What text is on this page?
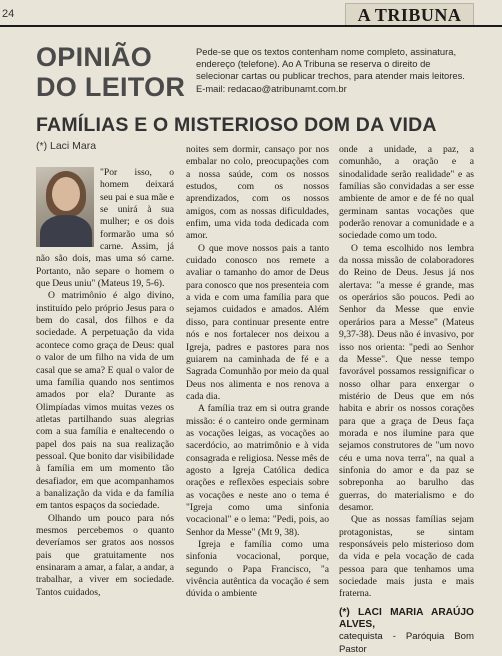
24	A TRIBUNA
OPINIÃO DO LEITOR
Pede-se que os textos contenham nome completo, assinatura, endereço (telefone). Ao A Tribuna se reserva o direito de selecionar cartas ou publicar trechos, para atender mais leitores. E-mail: redacao@atribunamt.com.br
FAMÍLIAS E O MISTERIOSO DOM DA VIDA
(*) Laci Mara

"Por isso, o homem deixará seu pai e sua mãe e se unirá à sua mulher; e os dois formarão uma só carne. Assim, já não são dois, mas uma só carne. Portanto, não separe o homem o que Deus uniu" (Mateus 19, 5-6).

O matrimônio é algo divino, instituído pelo próprio Jesus para o bem do casal, dos filhos e da sociedade. A perpetuação da vida acontece como graça de Deus: qual o valor de um filho na vida de um casal que se ama? E qual o valor de uma família quando nos sentimos amados por ela? Durante as Olimpíadas vimos muitas vezes os atletas partilhando suas alegrias com a sua família e enaltecendo o papel dos pais na sua realização pessoal. Que bonito dar visibilidade à família em um momento tão desafiador, em que acompanhamos a banalização da vida e da família em tantos espaços da sociedade.

Olhando um pouco para nós mesmos percebemos o quanto deveríamos ser gratos aos nossos pais que gratuitamente nos ensinaram a amar, a falar, a andar, a trabalhar, a viver em sociedade. Tantos cuidados,

noites sem dormir, cansaço por nos embalar no colo, preocupações com a nossa saúde, com os nossos estudos, com os nossos aprendizados, com os nossos amigos, com as nossas dificuldades, enfim, uma vida toda dedicada com amor.

O que move nossos pais a tanto cuidado conosco nos remete a avaliar o tamanho do amor de Deus para conosco que nos presenteia com a vida e com uma família para que sejamos cuidados e amados. Além disso, para continuar presente entre nós e nos fortalecer nos deixou a Igreja, padres e pastores para nos guiarem na caminhada de fé e a Sagrada Comunhão por meio da qual Deus nos alimenta e nos renova a cada dia.

A família traz em si outra grande missão: é o canteiro onde germinam as vocações leigas, as vocações ao sacerdócio, ao matrimônio e à vida consagrada e religiosa. Nesse mês de agosto a Igreja Católica dedica orações e reflexões especiais sobre as vocações e neste ano o tema é "Igreja como uma sinfonia vocacional" e o lema: "Pedi, pois, ao Senhor da Messe" (Mt 9, 38).

Igreja e família como uma sinfonia vocacional, porque, segundo o Papa Francisco, "a vivência autêntica da vocação é sem dúvida o ambiente

onde a unidade, a paz, a comunhão, a oração e a sinodalidade serão realidade" e as famílias são convidadas a ser esse ambiente de amor e de fé no qual germinam santas vocações que poderão renovar a comunidade e a sociedade como um todo.

O tema escolhido nos lembra da nossa missão de colaboradores do Reino de Deus. Jesus já nos alertava: "a messe é grande, mas os operários são poucos. Pedi ao Senhor da Messe que envie operários para a Messe" (Mateus 9,37-38). Deus não é invasivo, por isso nos orienta: "pedi ao Senhor da Messe". Que nesse tempo favorável possamos ressignificar o nosso olhar para enxergar o mistério de Deus que em nós habita e abrir os nossos corações para que a graça de Deus faça morada e nos ilumine para que sejamos construtores de "um novo céu e uma nova terra", na qual a sinfonia do amor e da paz se sobreponha ao barulho das guerras, do materialismo e do desamor.

Que as nossas famílias sejam protagonistas, se sintam responsáveis pelo misterioso dom da vida e pela vocação de cada pessoa para que tenhamos uma sociedade mais justa e mais fraterna.

(*) LACI MARIA ARAÚJO ALVES,
catequista - Paróquia Bom Pastor
